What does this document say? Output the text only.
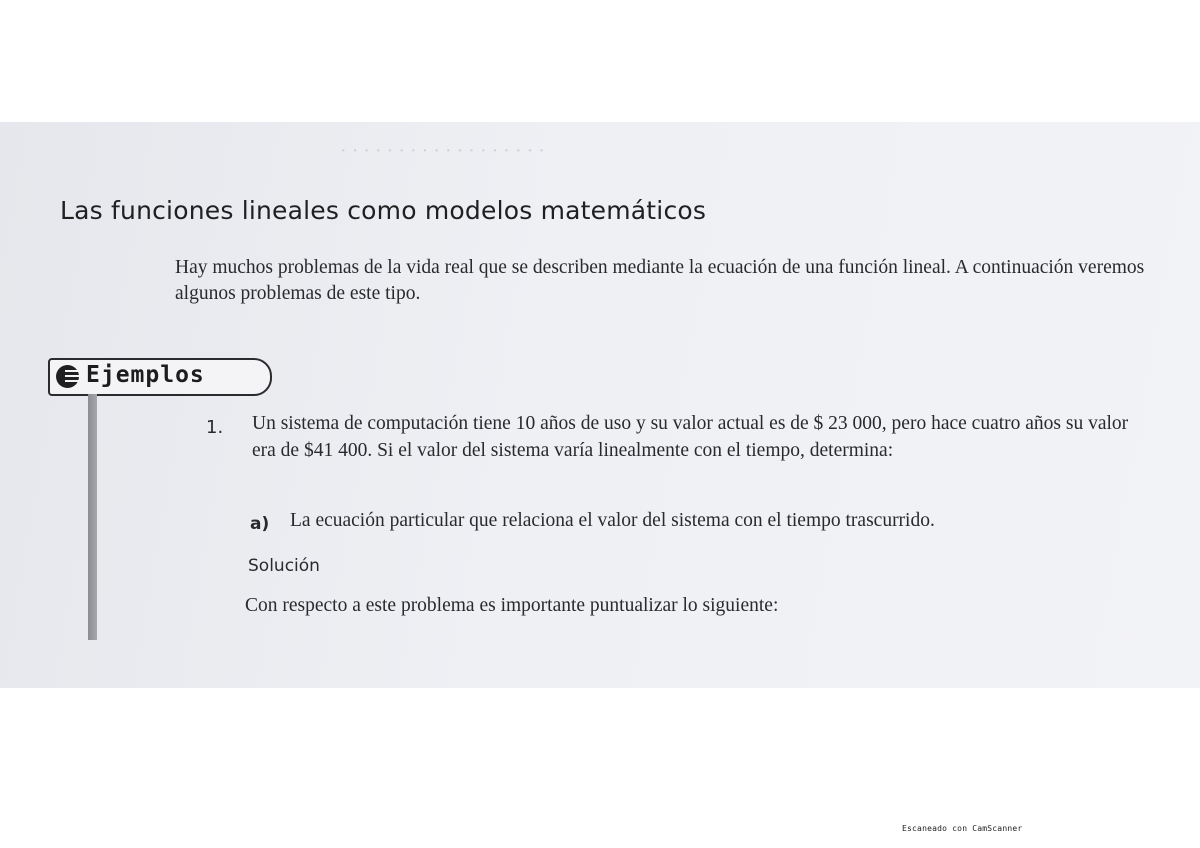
· · · · · · · · · · · · · · · · · ·
Las funciones lineales como modelos matemáticos

Hay muchos problemas de la vida real que se describen mediante la ecuación de una función lineal. A continuación veremos algunos problemas de este tipo.

Ejemplos
1. Un sistema de computación tiene 10 años de uso y su valor actual es de $ 23 000, pero hace cuatro años su valor era de $41 400. Si el valor del sistema varía linealmente con el tiempo, determina:

a) La ecuación particular que relaciona el valor del sistema con el tiempo trascurrido.
Solución
Con respecto a este problema es importante puntualizar lo siguiente:
Escaneado con CamScanner
